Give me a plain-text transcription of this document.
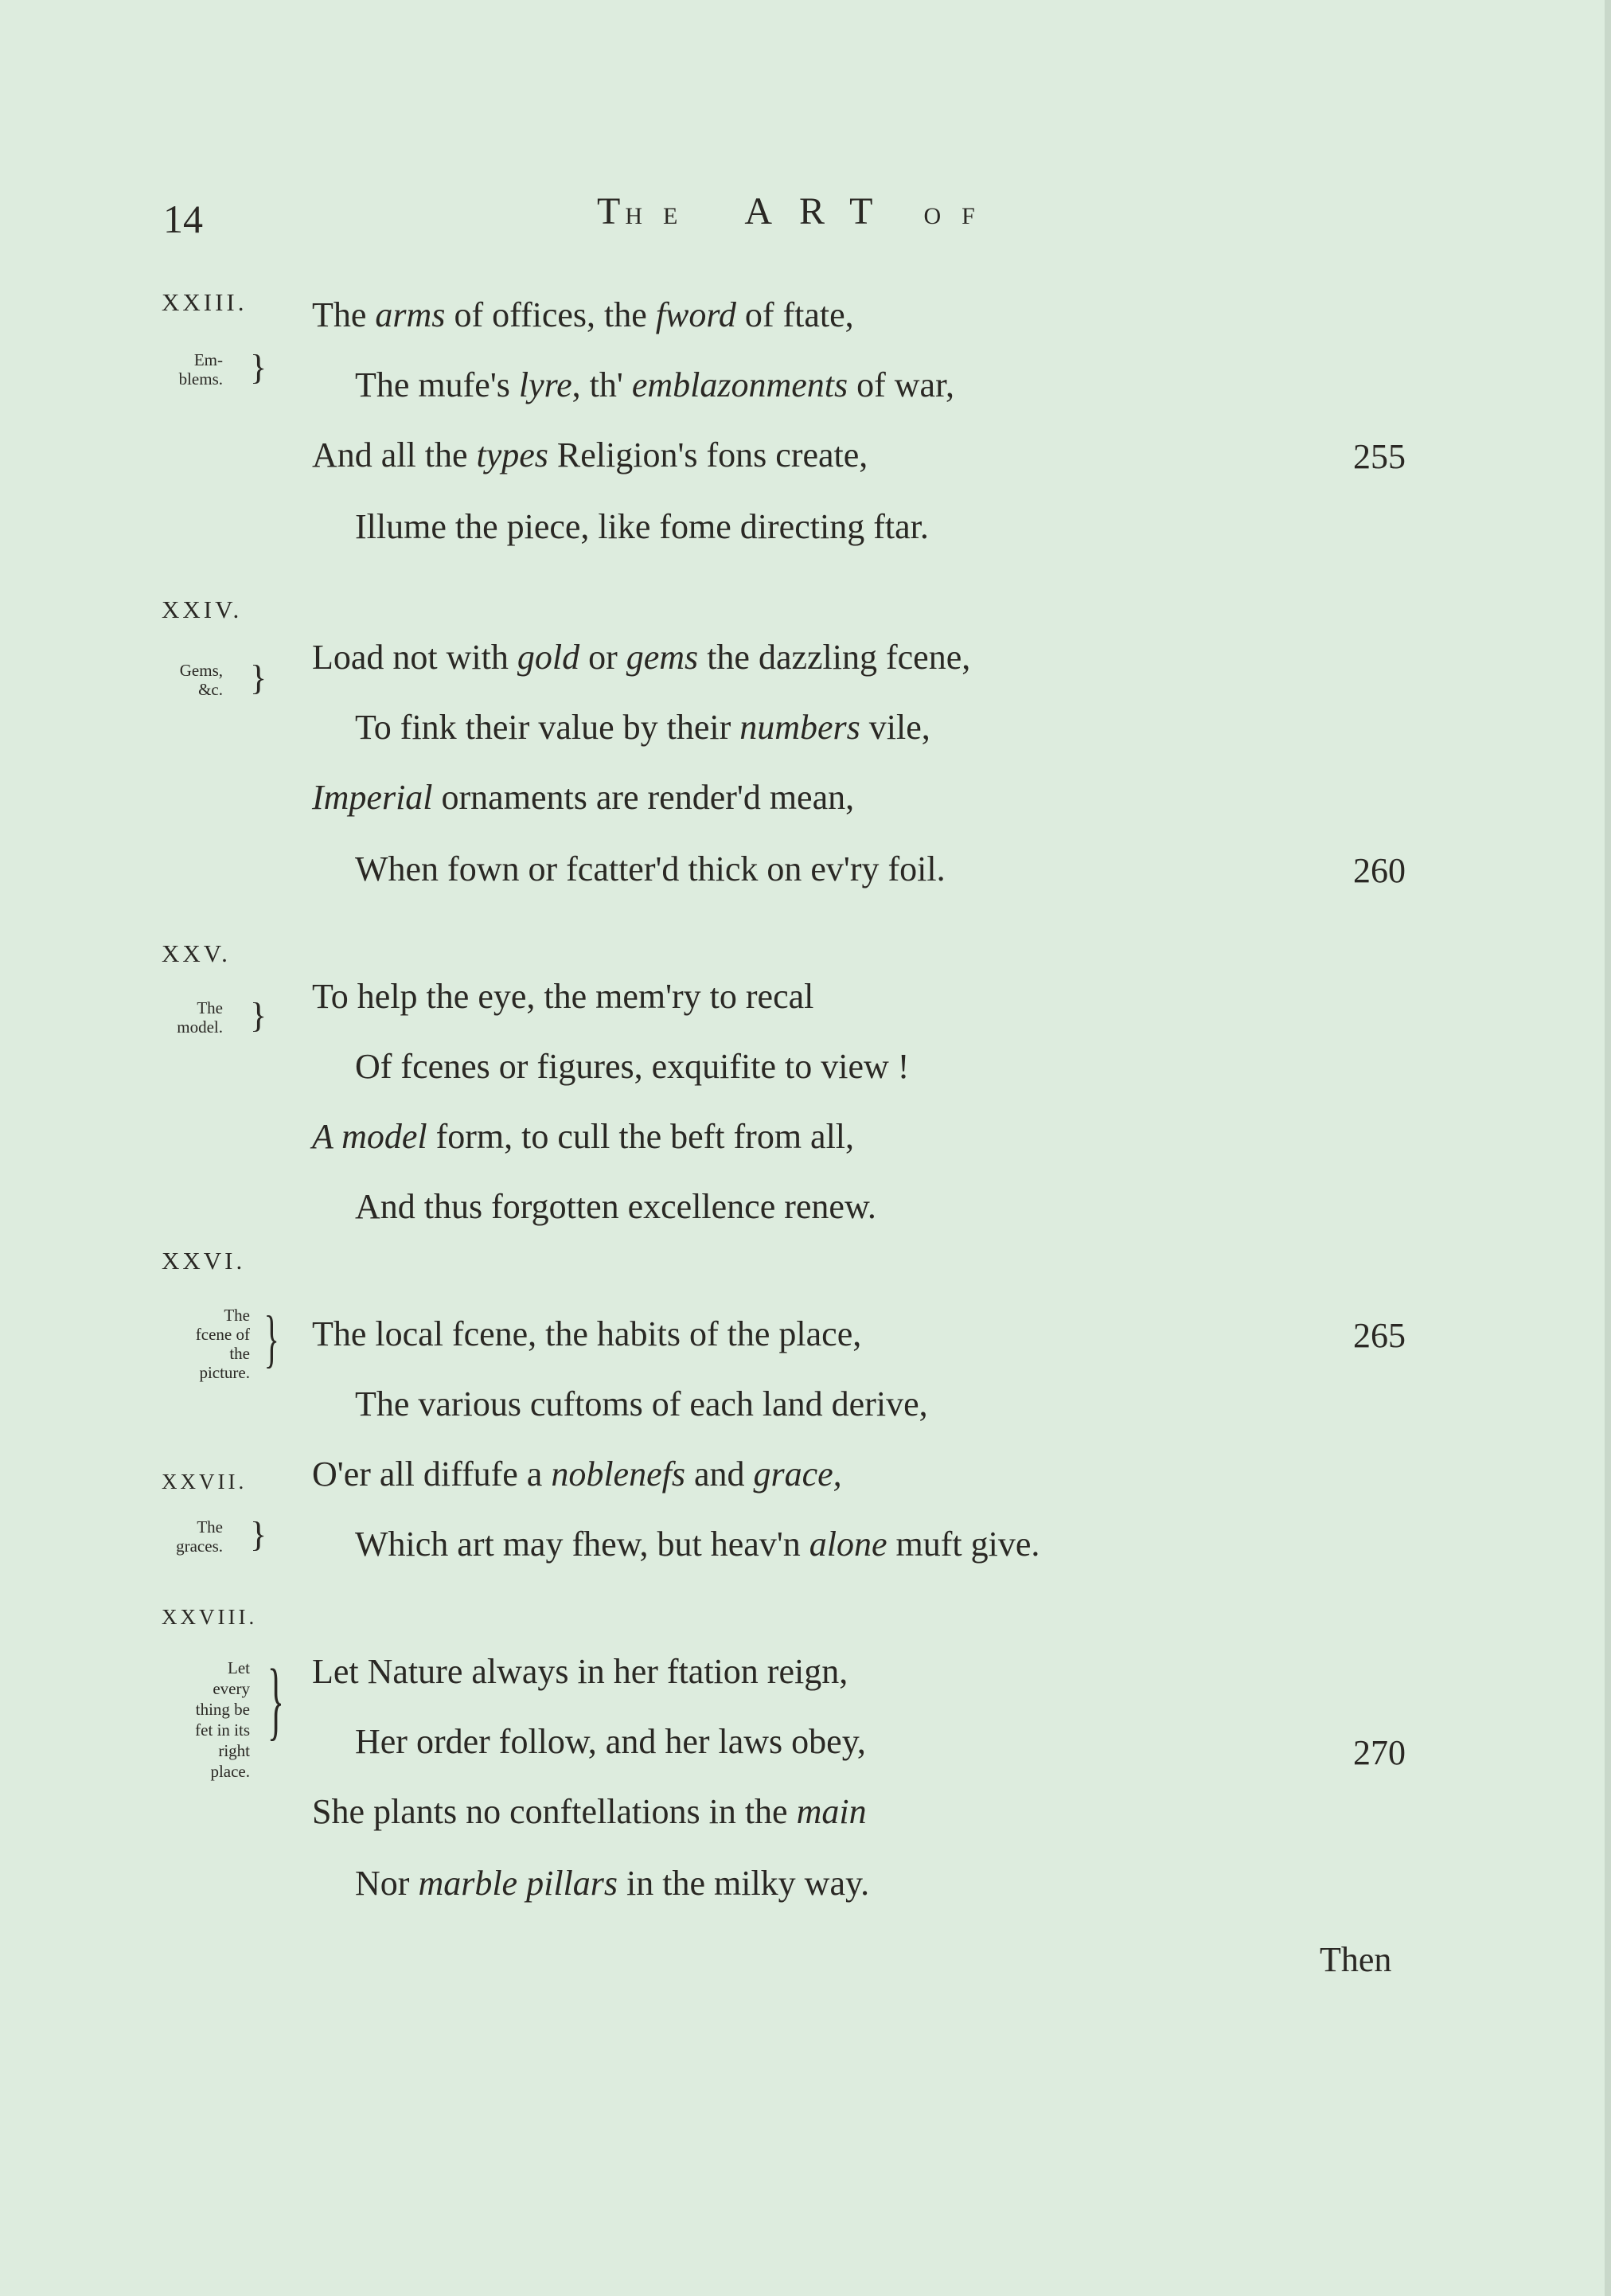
14	THE ART OF
XXIII.
Em-
blems. }
XXIV.
Gems,
&c. }
XXV.
The
model. }
XXVI.
The
fcene of
the
picture. }
XXVII.
The
graces. }
XXVIII.
Let
every
thing be
fet in its
right
place.
}
The arms of offices, the fword of ftate,
The mufe's lyre, th' emblazonments of war,
And all the types Religion's fons create,
Illume the piece, like fome directing ftar.
Load not with gold or gems the dazzling fcene,
To fink their value by their numbers vile,
Imperial ornaments are render'd mean,
When fown or fcatter'd thick on ev'ry foil.
To help the eye, the mem'ry to recal
Of fcenes or figures, exquifite to view !
A model form, to cull the beft from all,
And thus forgotten excellence renew.
The local fcene, the habits of the place,
The various cuftoms of each land derive,
O'er all diffufe a noblenefs and grace,
Which art may fhew, but heav'n alone muft give.
Let Nature always in her ftation reign,
Her order follow, and her laws obey,
She plants no conftellations in the main
Nor marble pillars in the milky way.
255
260
265
270
Then
